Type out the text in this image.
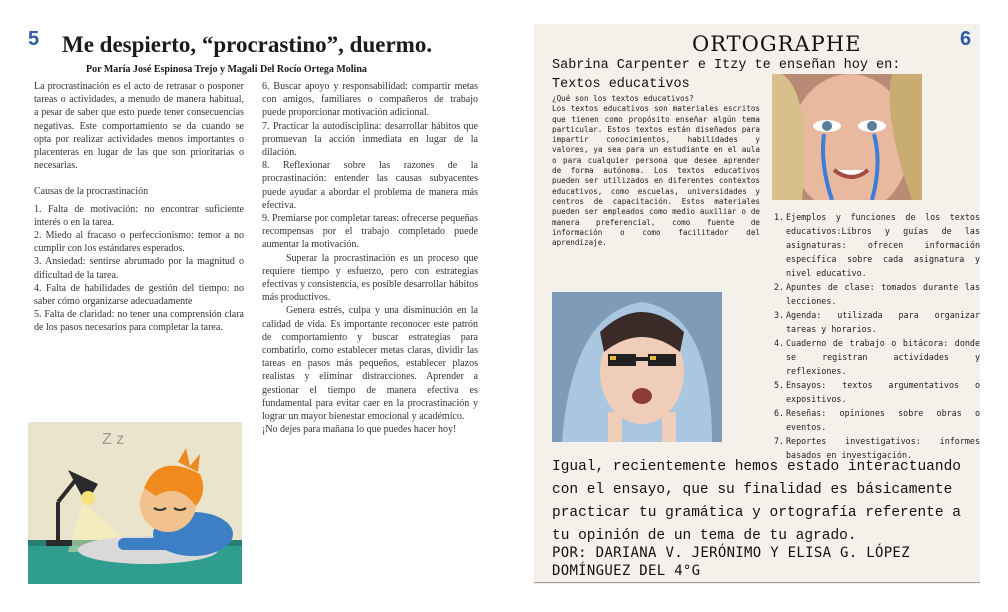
5 Me despierto, “procrastino”, duermo.
Por María José Espinosa Trejo y Magali Del Rocío Ortega Molina

La procrastinación es el acto de retrasar o posponer tareas o actividades, a menudo de manera habitual, a pesar de saber que esto puede tener consecuencias negativas. Este comportamiento se da cuando se opta por realizar actividades menos importantes o placenteras en lugar de las que son prioritarias o necesarias.

Causas de la procrastinación

1. Falta de motivación: no encontrar suficiente interés o en la tarea.

2. Miedo al fracaso o perfeccionismo: temor a no cumplir con los estándares esperados.

3. Ansiedad: sentirse abrumado por la magnitud o dificultad de la tarea.

4. Falta de habilidades de gestión del tiempo: no saber cómo organizarse adecuadamente

5. Falta de claridad: no tener una comprensión clara de los pasos necesarios para completar la tarea.

6. Buscar apoyo y responsabilidad: compartir metas con amigos, familiares o compañeros de trabajo puede proporcionar motivación adicional.

7. Practicar la autodisciplina: desarrollar hábitos que promuevan la acción inmediata en lugar de la dilación.

8. Reflexionar sobre las razones de la procrastinación: entender las causas subyacentes puede ayudar a abordar el problema de manera más efectiva.

9. Premiarse por completar tareas: ofrecerse pequeñas recompensas por el trabajo completado puede aumentar la motivación.

Superar la procrastinación es un proceso que requiere tiempo y esfuerzo, pero con estrategias efectivas y consistencia, es posible desarrollar hábitos más productivos.

Genera estrés, culpa y una disminución en la calidad de vida. Es importante reconocer este patrón de comportamiento y buscar estrategias para combatirlo, como establecer metas claras, dividir las tareas en pasos más pequeños, establecer plazos realistas y eliminar distracciones. Aprender a gestionar el tiempo de manera efectiva es fundamental para evitar caer en la procrastinación y lograr un mayor bienestar emocional y académico.

¡No dejes para mañana lo que puedes hacer hoy!

Z z
6
ORTOGRAPHE
Sabrina Carpenter e Itzy te enseñan hoy en: Textos educativos

¿Qué son los textos educativos?

Los textos educativos son materiales escritos que tienen como propósito enseñar algún tema particular. Estos textos están diseñados para impartir conocimientos, habilidades y valores, ya sea para un estudiante en el aula o para cualquier persona que desee aprender de forma autónoma. Los textos educativos pueden ser utilizados en diferentes contextos educativos, como escuelas, universidades y centros de capacitación. Estos materiales pueden ser empleados como medio auxiliar o de manera preferencial, como fuente de información o como facilitador del aprendizaje.

1. Ejemplos y funciones de los textos educativos:Libros y guías de las asignaturas: ofrecen información específica sobre cada asignatura y nivel educativo.
2. Apuntes de clase: tomados durante las lecciones.
3. Agenda: utilizada para organizar tareas y horarios.
4. Cuaderno de trabajo o bitácora: donde se registran actividades y reflexiones.
5. Ensayos: textos argumentativos o expositivos.
6. Reseñas: opiniones sobre obras o eventos.
7. Reportes investigativos: informes basados en investigación.
Igual, recientemente hemos estado interactuando con el ensayo, que su finalidad es básicamente practicar tu gramática y ortografía referente a tu opinión de un tema de tu agrado.
POR: DARIANA V. JERÓNIMO Y ELISA G. LÓPEZ DOMÍNGUEZ DEL 4°G
